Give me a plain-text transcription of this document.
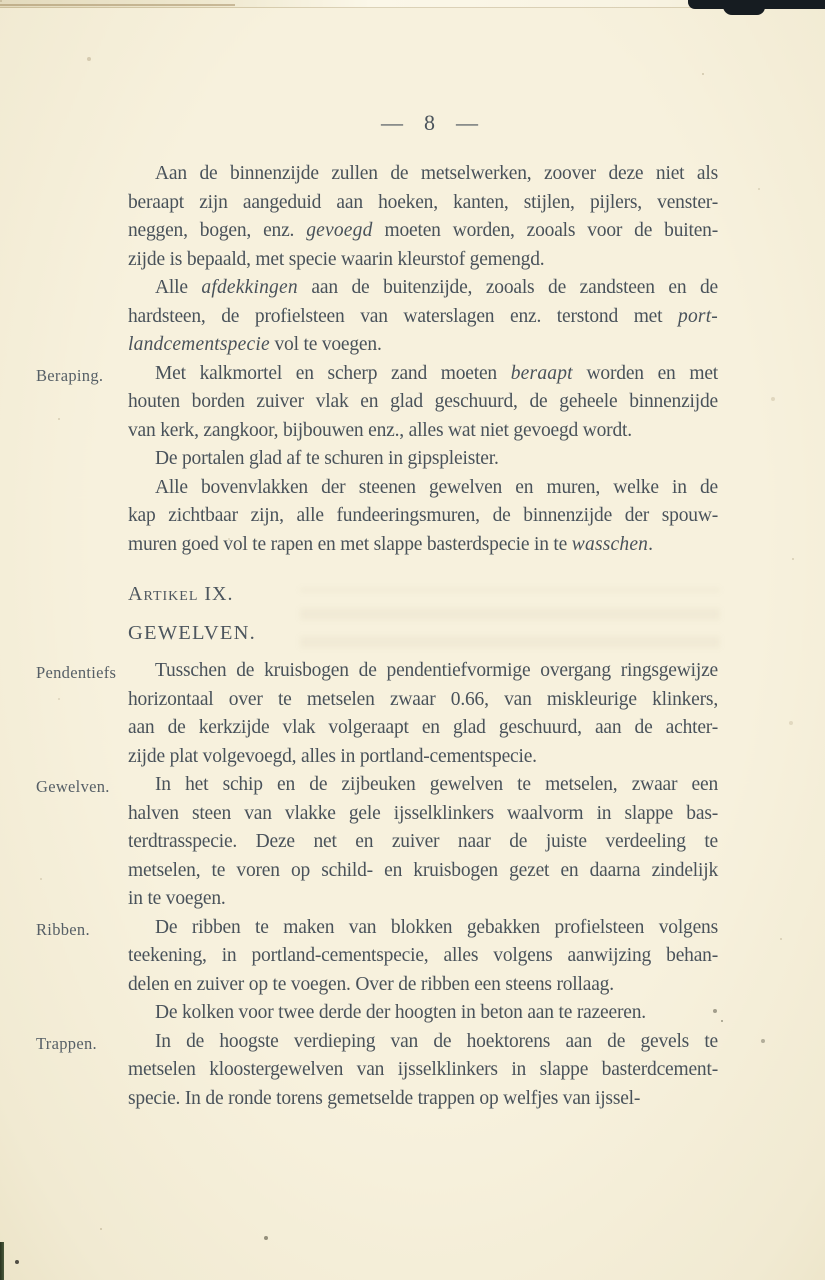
— 8 —
Aan de binnenzijde zullen de metselwerken, zoover deze niet als
beraapt zijn aangeduid aan hoeken, kanten, stijlen, pijlers, venster-
neggen, bogen, enz. gevoegd moeten worden, zooals voor de buiten-
zijde is bepaald, met specie waarin kleurstof gemengd.
Alle afdekkingen aan de buitenzijde, zooals de zandsteen en de
hardsteen, de profielsteen van waterslagen enz. terstond met port-
landcementspecie vol te voegen.
Beraping.	Met kalkmortel en scherp zand moeten beraapt worden en met
houten borden zuiver vlak en glad geschuurd, de geheele binnenzijde
van kerk, zangkoor, bijbouwen enz., alles wat niet gevoegd wordt.
De portalen glad af te schuren in gipspleister.
Alle bovenvlakken der steenen gewelven en muren, welke in de
kap zichtbaar zijn, alle fundeeringsmuren, de binnenzijde der spouw-
muren goed vol te rapen en met slappe basterdspecie in te wasschen.
Artikel IX.
GEWELVEN.
Pendentiefs	Tusschen de kruisbogen de pendentiefvormige overgang ringsgewijze
horizontaal over te metselen zwaar 0.66, van miskleurige klinkers,
aan de kerkzijde vlak volgeraapt en glad geschuurd, aan de achter-
zijde plat volgevoegd, alles in portland-cementspecie.
Gewelven.	In het schip en de zijbeuken gewelven te metselen, zwaar een
halven steen van vlakke gele ijsselklinkers waalvorm in slappe bas-
terdtrasspecie. Deze net en zuiver naar de juiste verdeeling te
metselen, te voren op schild- en kruisbogen gezet en daarna zindelijk
in te voegen.
Ribben.	De ribben te maken van blokken gebakken profielsteen volgens
teekening, in portland-cementspecie, alles volgens aanwijzing behan-
delen en zuiver op te voegen. Over de ribben een steens rollaag.
De kolken voor twee derde der hoogten in beton aan te razeeren.
Trappen.	In de hoogste verdieping van de hoektorens aan de gevels te
metselen kloostergewelven van ijsselklinkers in slappe basterdcement-
specie. In de ronde torens gemetselde trappen op welfjes van ijssel-
